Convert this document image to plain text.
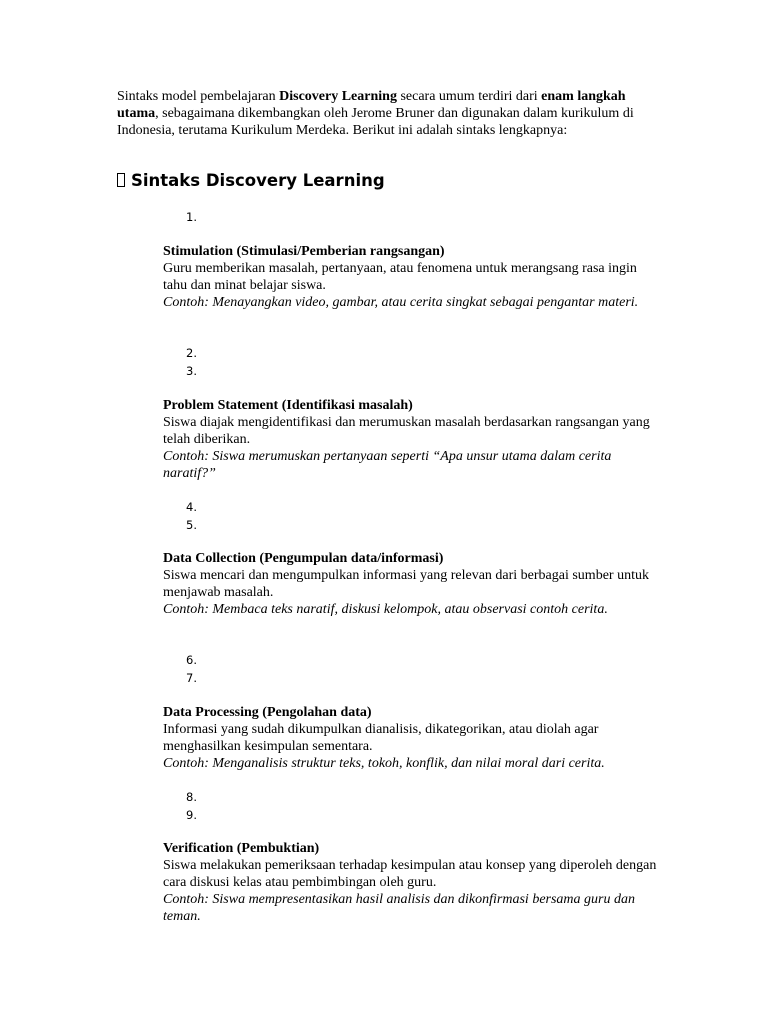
Sintaks model pembelajaran Discovery Learning secara umum terdiri dari enam langkah utama, sebagaimana dikembangkan oleh Jerome Bruner dan digunakan dalam kurikulum di Indonesia, terutama Kurikulum Merdeka. Berikut ini adalah sintaks lengkapnya:

Sintaks Discovery Learning

1.

2.

3.

4.

5.

6.

7.

8.

9.

Stimulation (Stimulasi/Pemberian rangsangan)
Guru memberikan masalah, pertanyaan, atau fenomena untuk merangsang rasa ingin tahu dan minat belajar siswa.
Contoh: Menayangkan video, gambar, atau cerita singkat sebagai pengantar materi.
Problem Statement (Identifikasi masalah)
Siswa diajak mengidentifikasi dan merumuskan masalah berdasarkan rangsangan yang telah diberikan.
Contoh: Siswa merumuskan pertanyaan seperti “Apa unsur utama dalam cerita naratif?”
Data Collection (Pengumpulan data/informasi)
Siswa mencari dan mengumpulkan informasi yang relevan dari berbagai sumber untuk menjawab masalah.
Contoh: Membaca teks naratif, diskusi kelompok, atau observasi contoh cerita.
Data Processing (Pengolahan data)
Informasi yang sudah dikumpulkan dianalisis, dikategorikan, atau diolah agar menghasilkan kesimpulan sementara.
Contoh: Menganalisis struktur teks, tokoh, konflik, dan nilai moral dari cerita.
Verification (Pembuktian)
Siswa melakukan pemeriksaan terhadap kesimpulan atau konsep yang diperoleh dengan cara diskusi kelas atau pembimbingan oleh guru.
Contoh: Siswa mempresentasikan hasil analisis dan dikonfirmasi bersama guru dan teman.
